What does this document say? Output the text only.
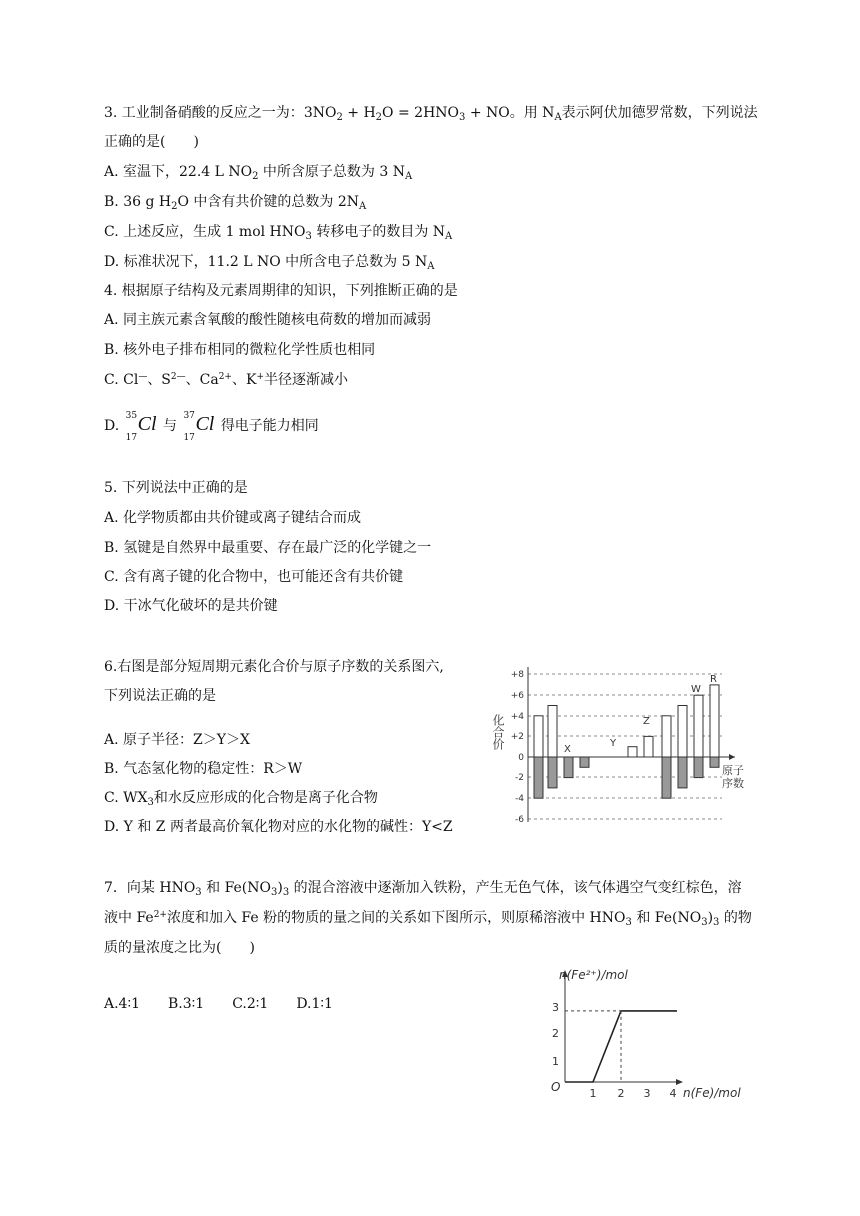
3. 工业制备硝酸的反应之一为：$3NO_2 + H_2O = 2HNO_3$ + NO。用 $N_A$表示阿伏加德罗常数，下列说法
正确的是(　　)
A. 室温下，22.4 L $NO_2$ 中所含原子总数为 3 $N_A$
B. 36 g $H_2O$ 中含有共价键的总数为 $2N_A$
C. 上述反应，生成 1 mol $HNO_3$ 转移电子的数目为 $N_A$
D. 标准状况下，11.2 L NO 中所含电子总数为 5 $N_A$
4. 根据原子结构及元素周期律的知识，下列推断正确的是
A. 同主族元素含氧酸的酸性随核电荷数的增加而减弱
B. 核外电子排布相同的微粒化学性质也相同
C. Cl—、$S^{2—}$、$Ca^{2+}$、K+半径逐渐减小
D.
35
17
Cl 与
37
17
Cl 得电子能力相同
5. 下列说法中正确的是
A. 化学物质都由共价键或离子键结合而成
B. 氢键是自然界中最重要、存在最广泛的化学键之一
C. 含有离子键的化合物中，也可能还含有共价键
D. 干冰气化破坏的是共价键
6.右图是部分短周期元素化合价与原子序数的关系图六,
下列说法正确的是
A. 原子半径：Z＞Y＞X
B. 气态氢化物的稳定性：R＞W
C. $WX_3$和水反应形成的化合物是离子化合物
D. Y 和 Z 两者最高价氧化物对应的水化物的碱性：Y<Z
化合价
+8
+6
+4
+2
0
-2
-4
-6
X
Y
Z
W
R
原子
序数
7．向某 $HNO_3$ 和 $Fe(NO_3)_3$ 的混合溶液中逐渐加入铁粉，产生无色气体，该气体遇空气变红棕色，溶
液中 $Fe^{2+}$浓度和加入 Fe 粉的物质的量之间的关系如下图所示，则原稀溶液中 $HNO_3$ 和 $Fe(NO_3)_3$ 的物
质的量浓度之比为(　　)
A.4∶1　　B.3∶1　　C.2∶1　　D.1∶1
n(Fe²⁺)/mol
O	1 2 3 4
1
2
3
n(Fe)/mol
